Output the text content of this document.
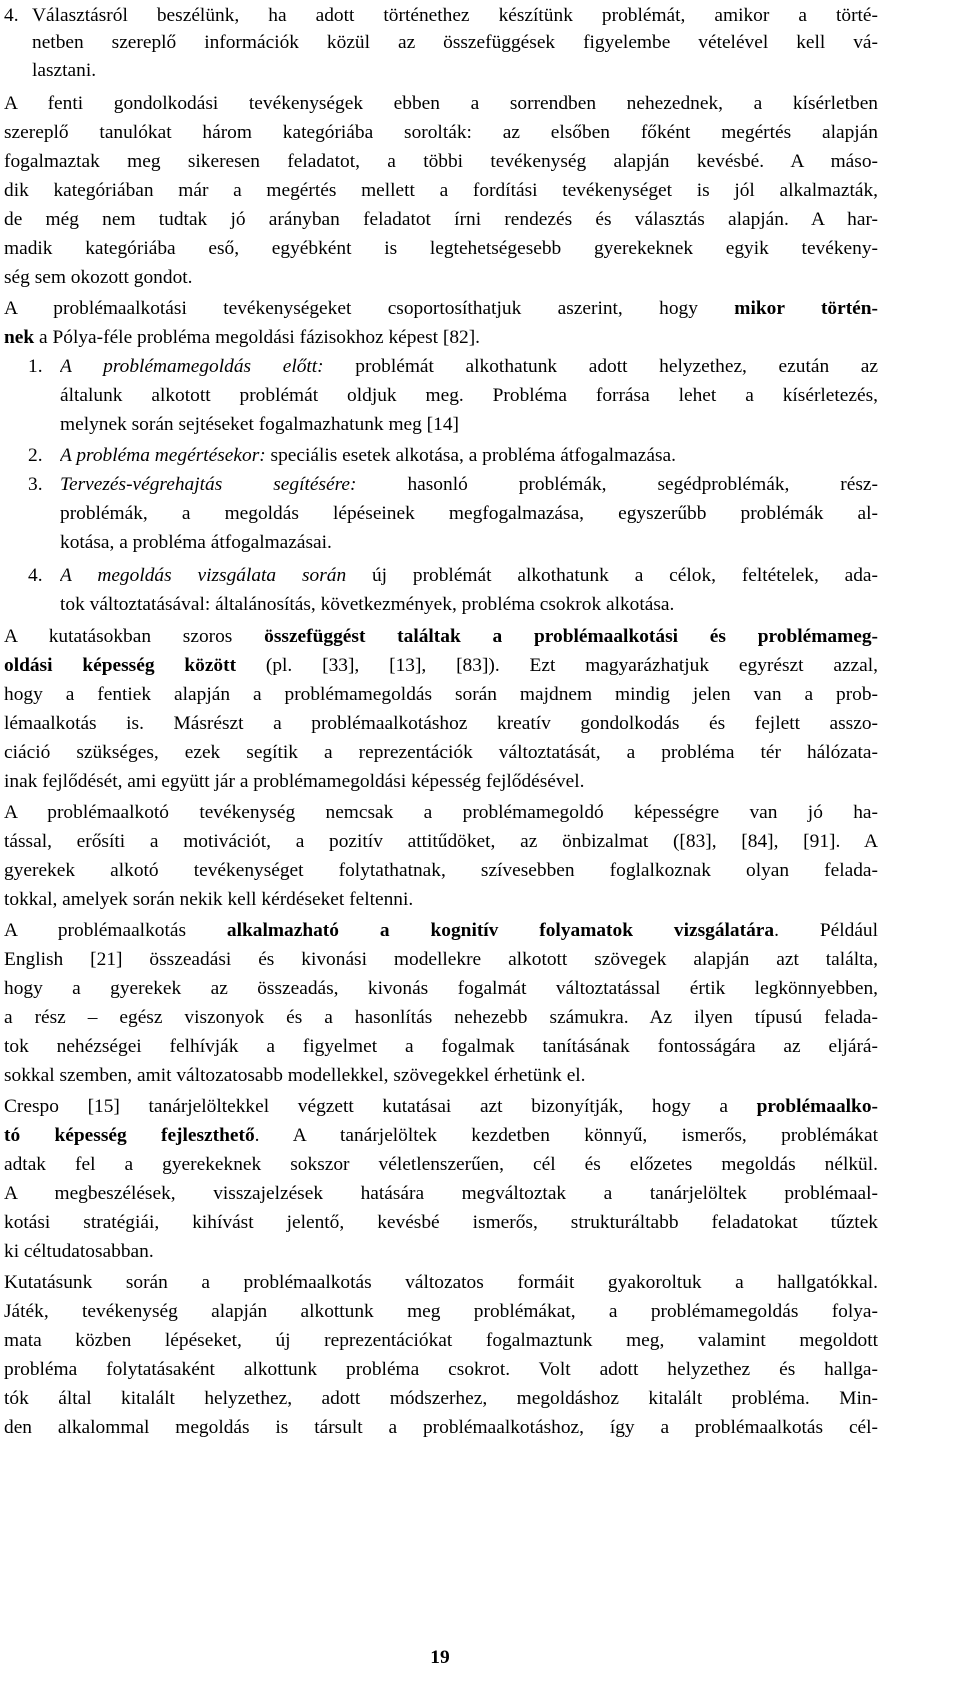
4. Választásról beszélünk, ha adott történethez készítünk problémát, amikor a törté-
netben szereplő információk közül az összefüggések figyelembe vételével kell vá-
lasztani.
A fenti gondolkodási tevékenységek ebben a sorrendben nehezednek, a kísérletben
szereplő tanulókat három kategóriába sorolták: az elsőben főként megértés alapján
fogalmaztak meg sikeresen feladatot, a többi tevékenység alapján kevésbé. A máso-
dik kategóriában már a megértés mellett a fordítási tevékenységet is jól alkalmazták,
de még nem tudtak jó arányban feladatot írni rendezés és választás alapján. A har-
madik kategóriába eső, egyébként is legtehetségesebb gyerekeknek egyik tevékeny-
ség sem okozott gondot.
A problémaalkotási tevékenységeket csoportosíthatjuk aszerint, hogy mikor történ-
nek a Pólya-féle probléma megoldási fázisokhoz képest [82].
1. A problémamegoldás előtt: problémát alkothatunk adott helyzethez, ezután az
általunk alkotott problémát oldjuk meg. Probléma forrása lehet a kísérletezés,
melynek során sejtéseket fogalmazhatunk meg [14]
2. A probléma megértésekor: speciális esetek alkotása, a probléma átfogalmazása.
3. Tervezés-végrehajtás segítésére: hasonló problémák, segédproblémák, rész-
problémák, a megoldás lépéseinek megfogalmazása, egyszerűbb problémák al-
kotása, a probléma átfogalmazásai.
4. A megoldás vizsgálata során új problémát alkothatunk a célok, feltételek, ada-
tok változtatásával: általánosítás, következmények, probléma csokrok alkotása.
A kutatásokban szoros összefüggést találtak a problémaalkotási és problémameg-
oldási képesség között (pl. [33], [13], [83]). Ezt magyarázhatjuk egyrészt azzal,
hogy a fentiek alapján a problémamegoldás során majdnem mindig jelen van a prob-
lémaalkotás is. Másrészt a problémaalkotáshoz kreatív gondolkodás és fejlett asszo-
ciáció szükséges, ezek segítik a reprezentációk változtatását, a probléma tér hálózata-
inak fejlődését, ami együtt jár a problémamegoldási képesség fejlődésével.
A problémaalkotó tevékenység nemcsak a problémamegoldó képességre van jó ha-
tással, erősíti a motivációt, a pozitív attitűdöket, az önbizalmat ([83], [84], [91]. A
gyerekek alkotó tevékenységet folytathatnak, szívesebben foglalkoznak olyan felada-
tokkal, amelyek során nekik kell kérdéseket feltenni.
A problémaalkotás alkalmazható a kognitív folyamatok vizsgálatára. Például
English [21] összeadási és kivonási modellekre alkotott szövegek alapján azt találta,
hogy a gyerekek az összeadás, kivonás fogalmát változtatással értik legkönnyebben,
a rész – egész viszonyok és a hasonlítás nehezebb számukra. Az ilyen típusú felada-
tok nehézségei felhívják a figyelmet a fogalmak tanításának fontosságára az eljárá-
sokkal szemben, amit változatosabb modellekkel, szövegekkel érhetünk el.
Crespo [15] tanárjelöltekkel végzett kutatásai azt bizonyítják, hogy a problémaalko-
tó képesség fejleszthető. A tanárjelöltek kezdetben könnyű, ismerős, problémákat
adtak fel a gyerekeknek sokszor véletlenszerűen, cél és előzetes megoldás nélkül.
A megbeszélések, visszajelzések hatására megváltoztak a tanárjelöltek problémaal-
kotási stratégiái, kihívást jelentő, kevésbé ismerős, strukturáltabb feladatokat tűztek
ki céltudatosabban.
Kutatásunk során a problémaalkotás változatos formáit gyakoroltuk a hallgatókkal.
Játék, tevékenység alapján alkottunk meg problémákat, a problémamegoldás folya-
mata közben lépéseket, új reprezentációkat fogalmaztunk meg, valamint megoldott
probléma folytatásaként alkottunk probléma csokrot. Volt adott helyzethez és hallga-
tók által kitalált helyzethez, adott módszerhez, megoldáshoz kitalált probléma. Min-
den alkalommal megoldás is társult a problémaalkotáshoz, így a problémaalkotás cél-
19
